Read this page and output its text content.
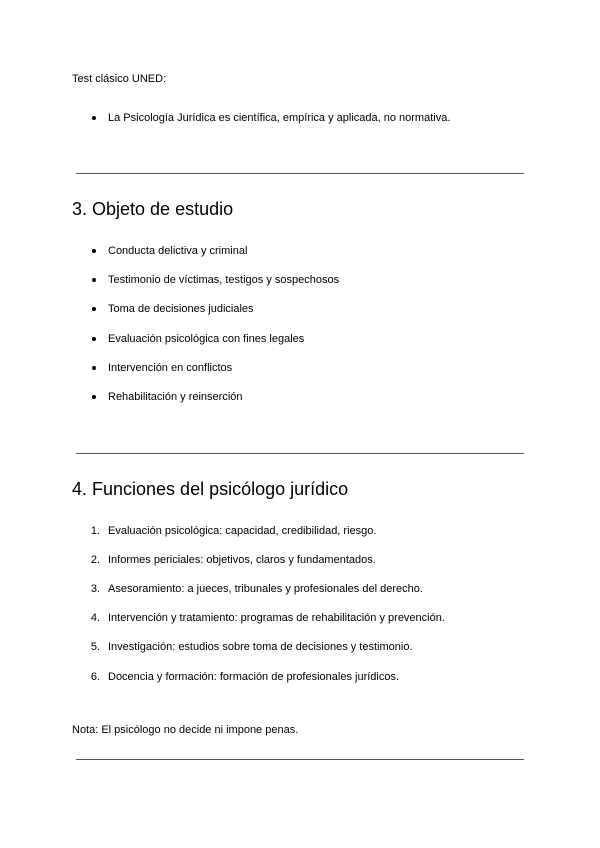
Test clásico UNED:
La Psicología Jurídica es científica, empírica y aplicada, no normativa.
3. Objeto de estudio
Conducta delictiva y criminal
Testimonio de víctimas, testigos y sospechosos
Toma de decisiones judiciales
Evaluación psicológica con fines legales
Intervención en conflictos
Rehabilitación y reinserción
4. Funciones del psicólogo jurídico
1. Evaluación psicológica: capacidad, credibilidad, riesgo.
2. Informes periciales: objetivos, claros y fundamentados.
3. Asesoramiento: a jueces, tribunales y profesionales del derecho.
4. Intervención y tratamiento: programas de rehabilitación y prevención.
5. Investigación: estudios sobre toma de decisiones y testimonio.
6. Docencia y formación: formación de profesionales jurídicos.
Nota: El psicólogo no decide ni impone penas.
